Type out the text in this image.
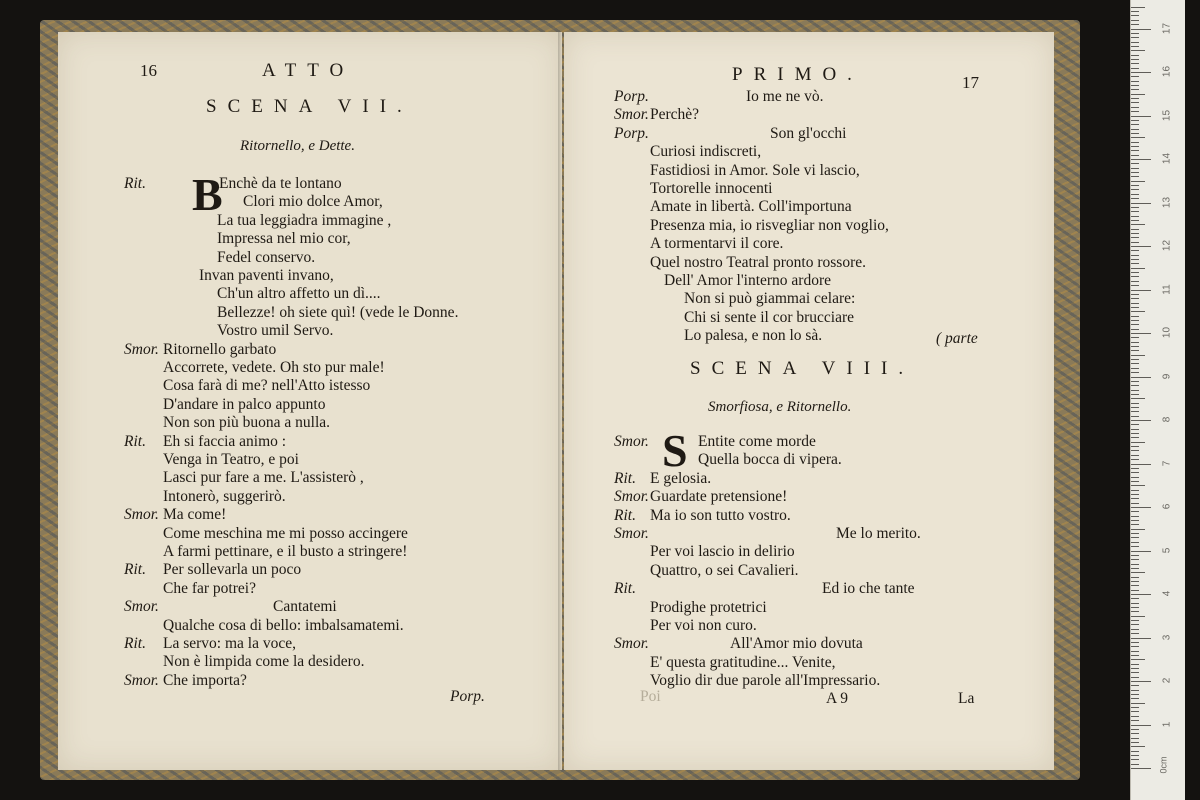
16	ATTO
SCENA VII.
Ritornello, e Dette.
B
Rit.	Enchè da te lontano
Clori mio dolce Amor,
La tua leggiadra immagine ,
Impressa nel mio cor,
Fedel conservo.
Invan paventi invano,
Ch'un altro affetto un dì....
Bellezze! oh siete quì! (vede le Donne.
Vostro umil Servo.
Smor. Ritornello garbato
Accorrete, vedete. Oh sto pur male!
Cosa farà di me? nell'Atto istesso
D'andare in palco appunto
Non son più buona a nulla.
Rit. Eh si faccia animo :
Venga in Teatro, e poi
Lasci pur fare a me. L'assisterò ,
Intonerò, suggerirò.
Smor. Ma come!
Come meschina me mi posso accingere
A farmi pettinare, e il busto a stringere!
Rit. Per sollevarla un poco
Che far potrei?
Smor.	Cantatemi
Qualche cosa di bello: imbalsamatemi.
Rit. La servo: ma la voce,
Non è limpida come la desidero.
Smor. Che importa?
Porp.
PRIMO.	17
Porp.	Io me ne vò.
Smor. Perchè?
Porp.	Son gl'occhi
Curiosi indiscreti,
Fastidiosi in Amor. Sole vi lascio,
Tortorelle innocenti
Amate in libertà. Coll'importuna
Presenza mia, io risvegliar non voglio,
A tormentarvi il core.
Quel nostro Teatral pronto rossore.
Dell' Amor l'interno ardore
Non si può giammai celare:
Chi si sente il cor brucciare
Lo palesa, e non lo sà.	( parte
SCENA VIII.
Smorfiosa, e Ritornello.
S
Smor.	Entite come morde
Quella bocca di vipera.
Rit. E gelosia.
Smor. Guardate pretensione!
Rit. Ma io son tutto vostro.
Smor.	Me lo merito.
Per voi lascio in delirio
Quattro, o sei Cavalieri.
Rit.	Ed io che tante
Prodighe protetrici
Per voi non curo.
Smor.	All'Amor mio dovuta
E' questa gratitudine... Venite,
Voglio dir due parole all'Impressario.
Poi	A 9	La
0cm
1
2
3
4
5
6
7
8
9
10
11
12
13
14
15
16
17
